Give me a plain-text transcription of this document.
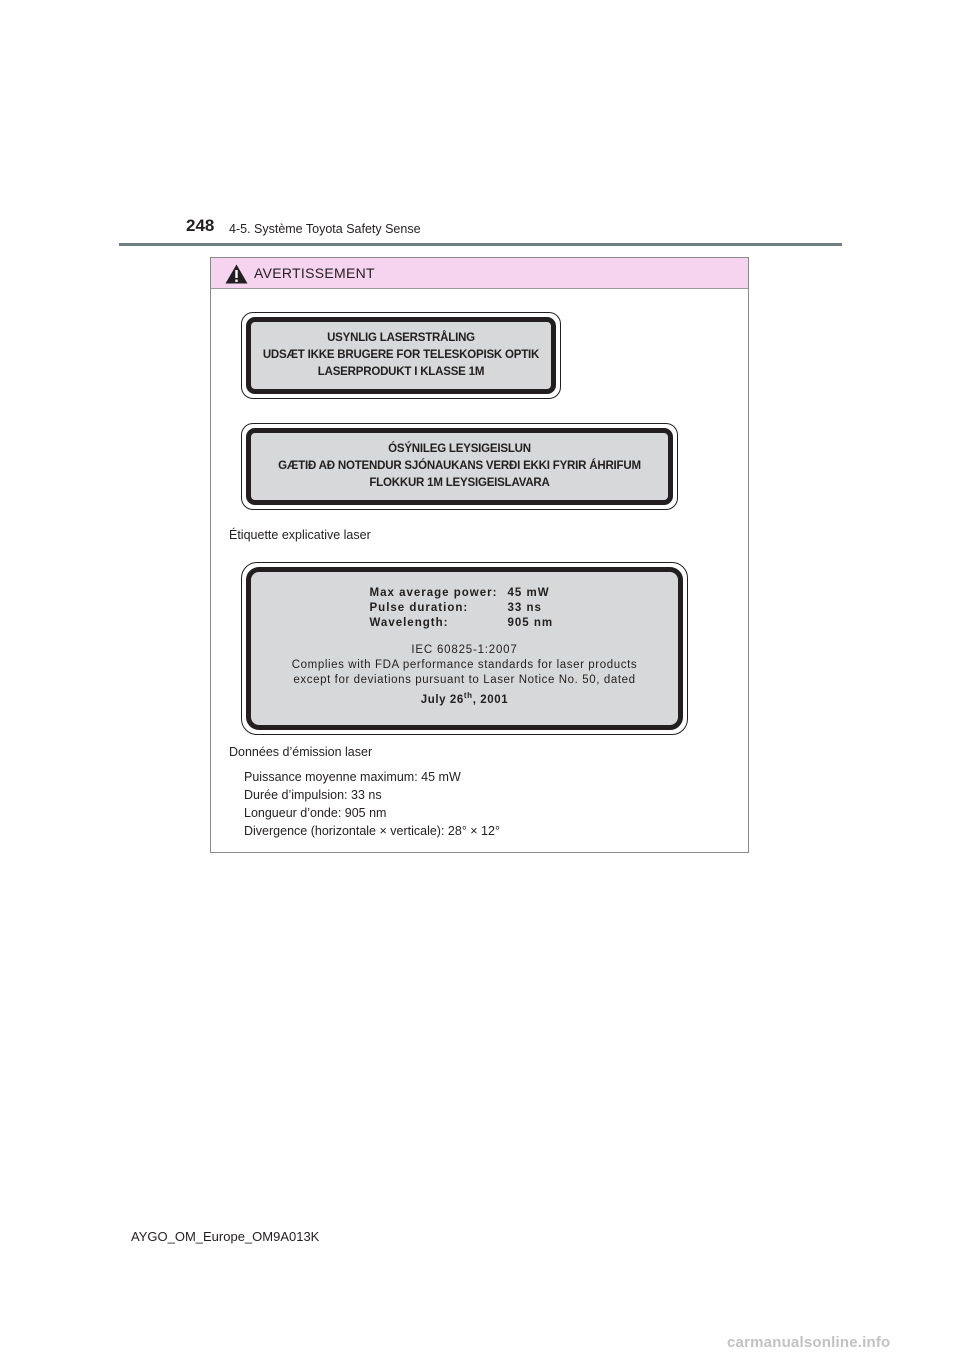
248 4-5. Système Toyota Safety Sense
AVERTISSEMENT
USYNLIG LASERSTRÅLING
UDSÆT IKKE BRUGERE FOR TELESKOPISK OPTIK
LASERPRODUKT I KLASSE 1M
ÓSÝNILEG LEYSIGEISLUN
GÆTIÐ AÐ NOTENDUR SJÓNAUKANS VERÐI EKKI FYRIR ÁHRIFUM
FLOKKUR 1M LEYSIGEISLAVARA
Étiquette explicative laser
Max average power: 45 mW
Pulse duration:	33 ns
Wavelength:	905 nm
IEC 60825-1:2007
Complies with FDA performance standards for laser products
except for deviations pursuant to Laser Notice No. 50, dated
July 26th, 2001
Données d’émission laser
Puissance moyenne maximum: 45 mW
Durée d’impulsion: 33 ns
Longueur d’onde: 905 nm
Divergence (horizontale × verticale): 28° × 12°
AYGO_OM_Europe_OM9A013K
carmanualsonline.info
